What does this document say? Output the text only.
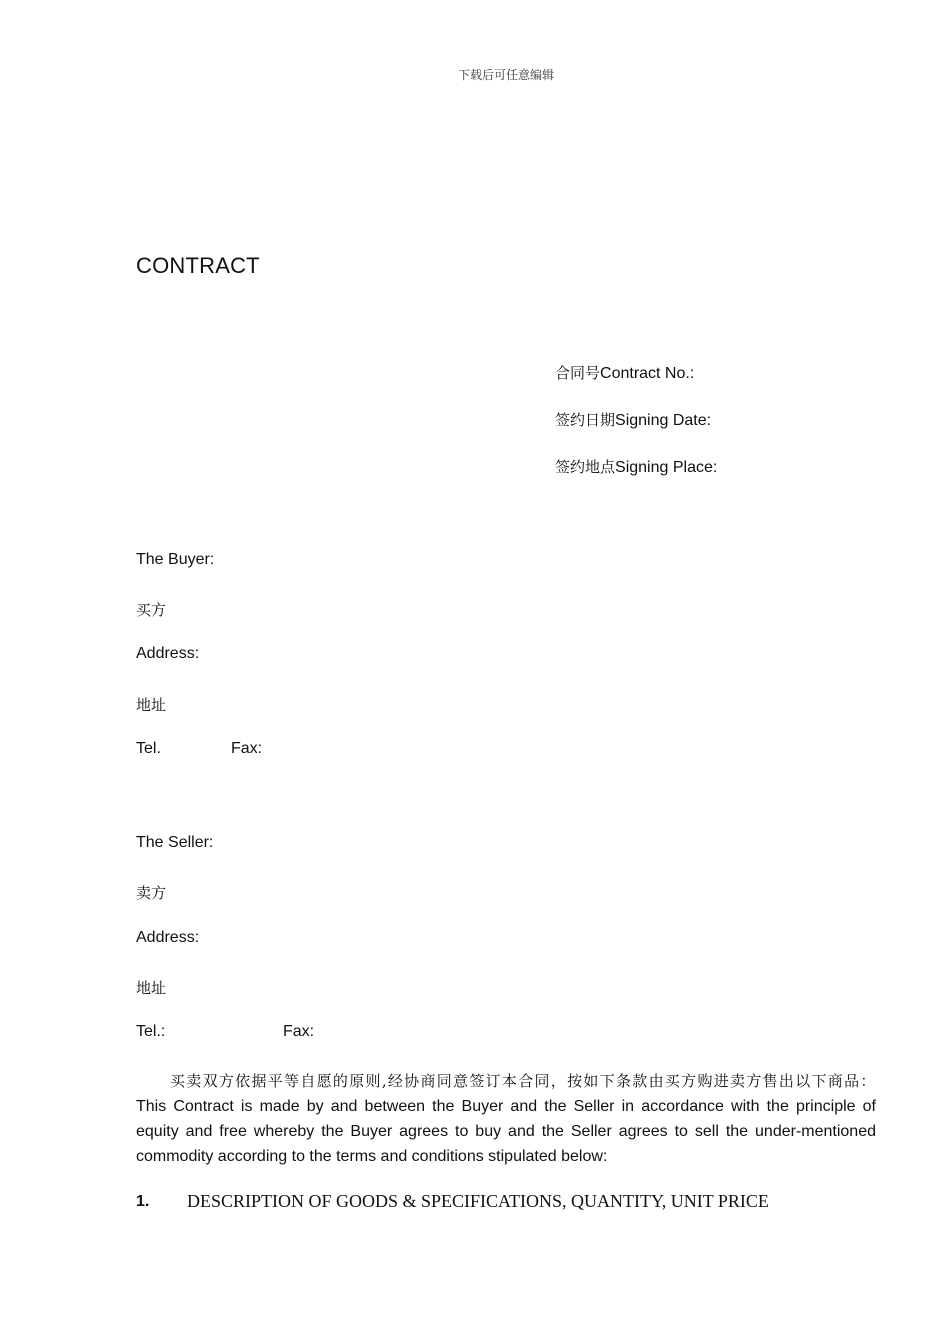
下载后可任意编辑
CONTRACT
合同号Contract No.:
签约日期Signing Date:
签约地点Signing Place:
The Buyer:
买方
Address:
地址
Tel.	Fax:
The Seller:
卖方
Address:
地址
Tel.:	Fax:
买卖双方依据平等自愿的原则,经协商同意签订本合同，按如下条款由买方购进卖方售出以下商品： This Contract is made by and between the Buyer and the Seller in accordance with the principle of equity and free whereby the Buyer agrees to buy and the Seller agrees to sell the under-mentioned commodity according to the terms and conditions stipulated below:
1. DESCRIPTION OF GOODS & SPECIFICATIONS, QUANTITY, UNIT PRICE
